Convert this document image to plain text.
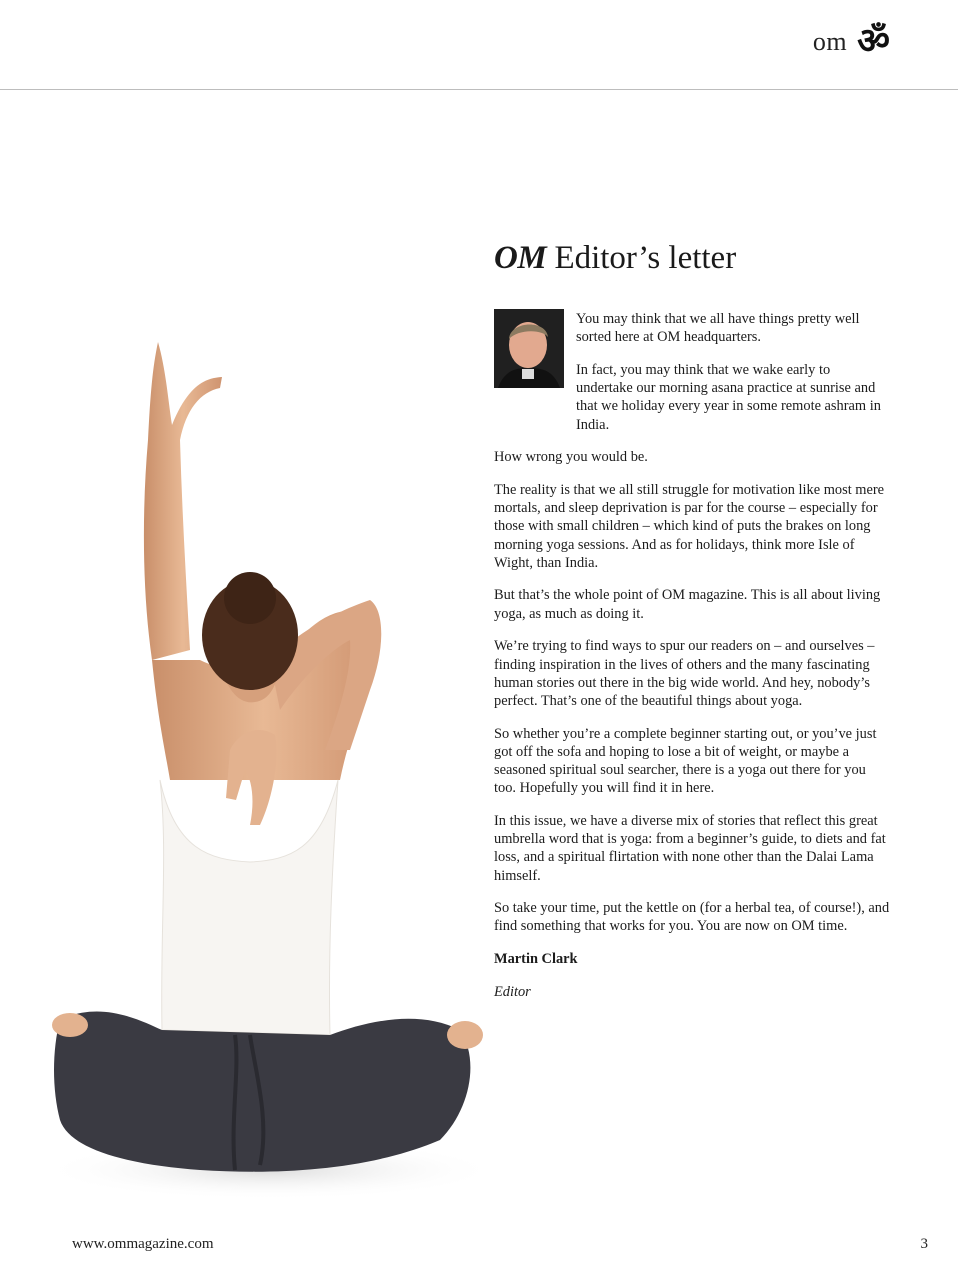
om ॐ
OM Editor’s letter

You may think that we all have things pretty well sorted here at OM headquarters.

In fact, you may think that we wake early to undertake our morning asana practice at sunrise and that we holiday every year in some remote ashram in India.

How wrong you would be.

The reality is that we all still struggle for motivation like most mere mortals, and sleep deprivation is par for the course – especially for those with small children – which kind of puts the brakes on long morning yoga sessions. And as for holidays, think more Isle of Wight, than India.

But that’s the whole point of OM magazine. This is all about living yoga, as much as doing it.

We’re trying to find ways to spur our readers on – and ourselves – finding inspiration in the lives of others and the many fascinating human stories out there in the big wide world. And hey, nobody’s perfect. That’s one of the beautiful things about yoga.

So whether you’re a complete beginner starting out, or you’ve just got off the sofa and hoping to lose a bit of weight, or maybe a seasoned spiritual soul searcher, there is a yoga out there for you too. Hopefully you will find it in here.

In this issue, we have a diverse mix of stories that reflect this great umbrella word that is yoga: from a beginner’s guide, to diets and fat loss, and a spiritual flirtation with none other than the Dalai Lama himself.

So take your time, put the kettle on (for a herbal tea, of course!), and find something that works for you. You are now on OM time.

Martin Clark

Editor

www.ommagazine.com	3
